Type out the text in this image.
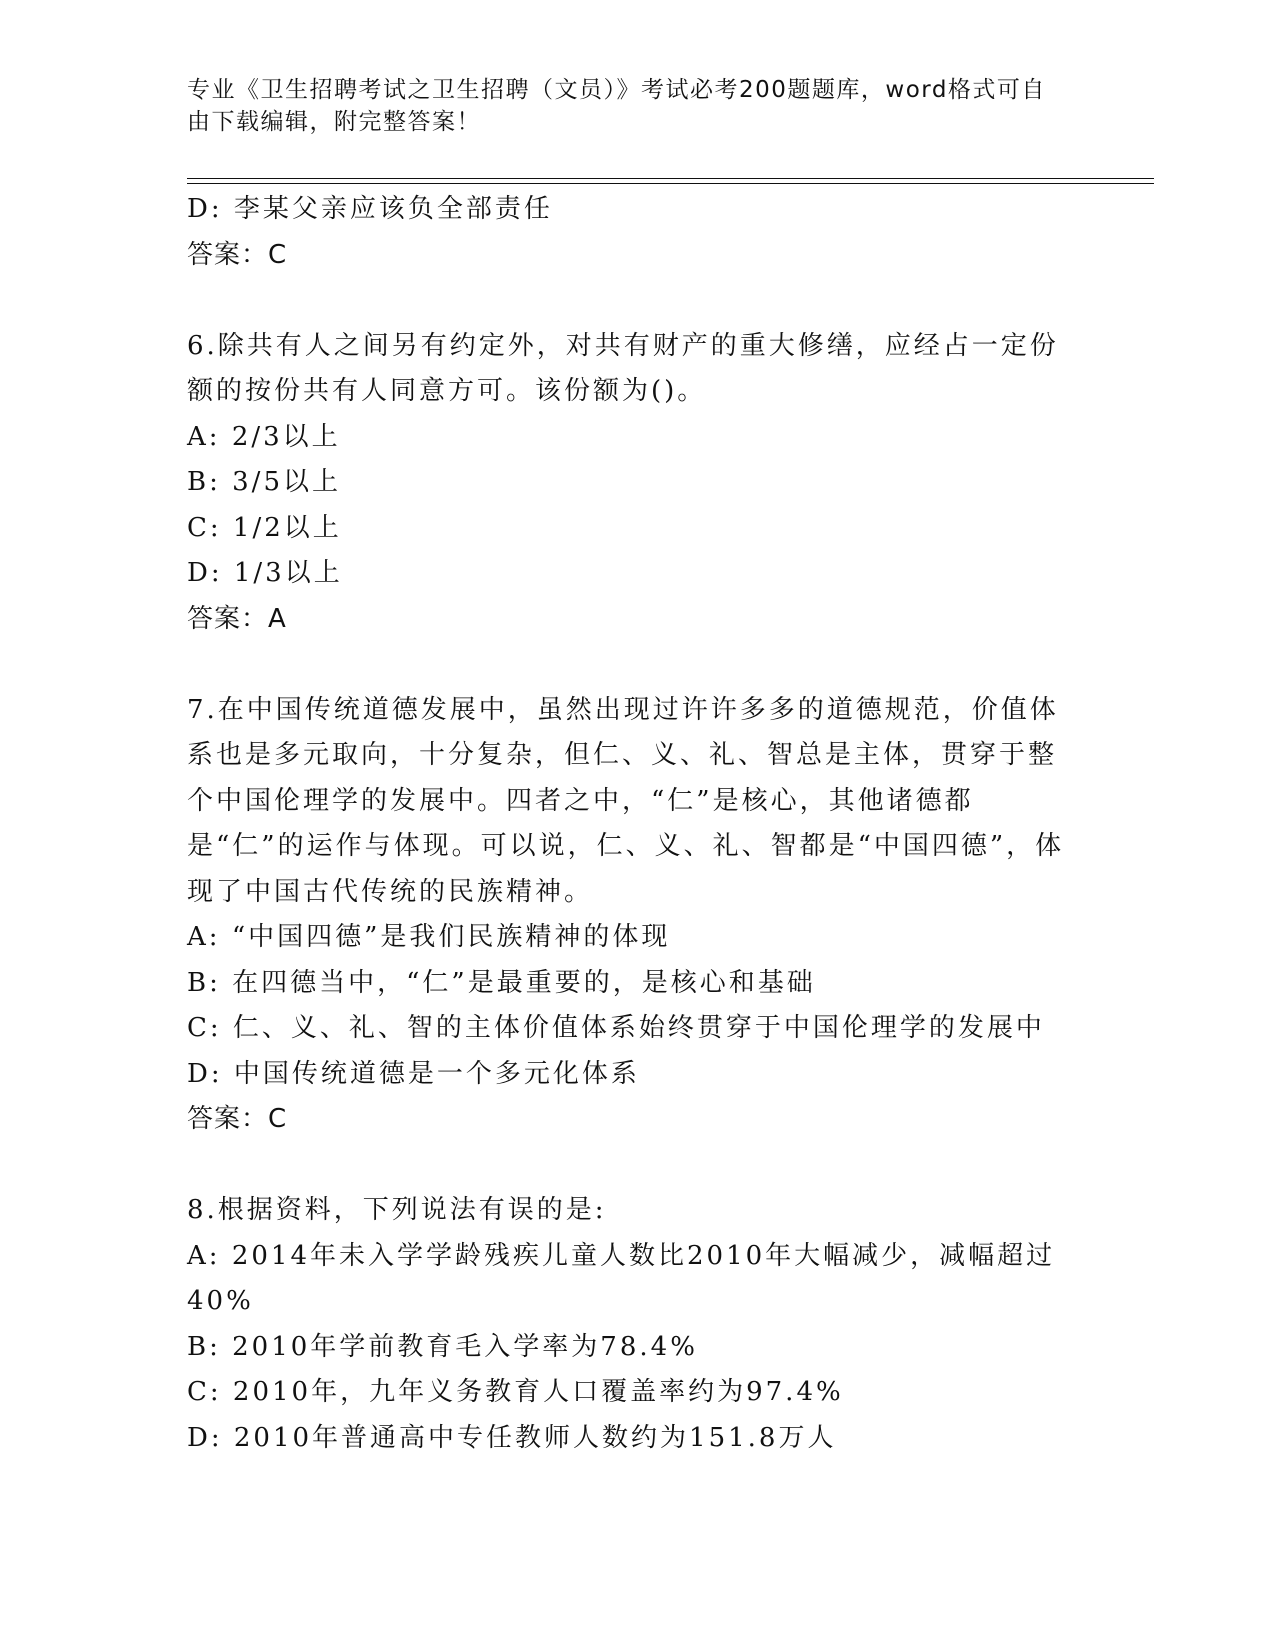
专业《卫生招聘考试之卫生招聘（文员）》考试必考200题题库，word格式可自由下载编辑，附完整答案！
D: 李某父亲应该负全部责任
答案：C

6.除共有人之间另有约定外，对共有财产的重大修缮，应经占一定份额的按份共有人同意方可。该份额为()。

A: 2/3以上
B: 3/5以上
C: 1/2以上
D: 1/3以上
答案：A

7.在中国传统道德发展中，虽然出现过许许多多的道德规范，价值体系也是多元取向，十分复杂，但仁、义、礼、智总是主体，贯穿于整个中国伦理学的发展中。四者之中，“仁”是核心，其他诸德都是“仁”的运作与体现。可以说，仁、义、礼、智都是“中国四德”，体现了中国古代传统的民族精神。

A: “中国四德”是我们民族精神的体现
B: 在四德当中，“仁”是最重要的，是核心和基础
C: 仁、义、礼、智的主体价值体系始终贯穿于中国伦理学的发展中
D: 中国传统道德是一个多元化体系
答案：C

8.根据资料，下列说法有误的是:

A: 2014年未入学学龄残疾儿童人数比2010年大幅减少，减幅超过40%
B: 2010年学前教育毛入学率为78.4%
C: 2010年，九年义务教育人口覆盖率约为97.4%
D: 2010年普通高中专任教师人数约为151.8万人
